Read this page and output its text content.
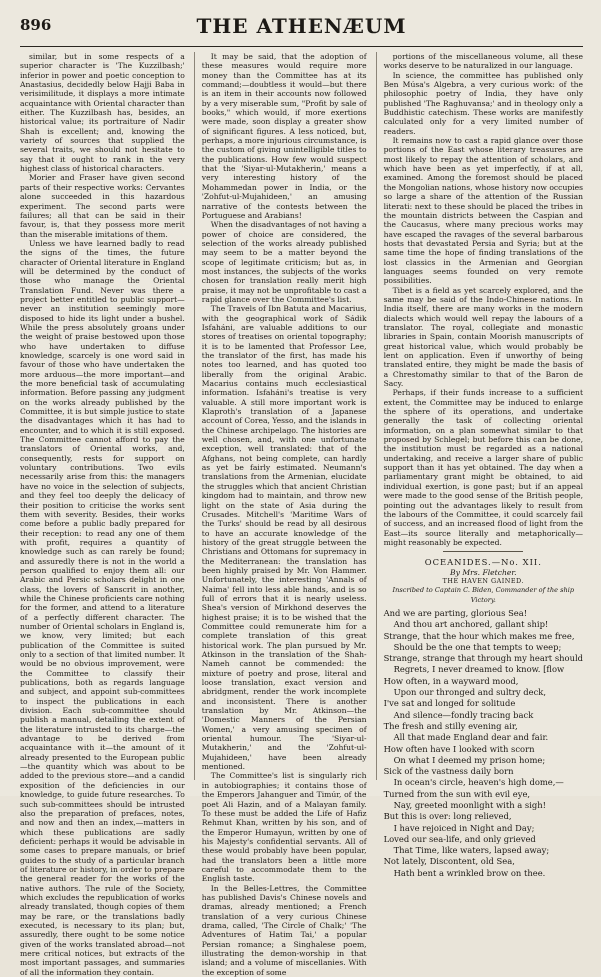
896	THE ATHENÆUM

similar, but in some respects of a superior character is 'The Kuzzilbash;' inferior in power and poetic conception to Anastasius, decidedly below Hajji Baba in verisimilitude, it displays a more intimate acquaintance with Oriental character than either. The Kuzzilbash has, besides, an historical value; its portraiture of Nadir Shah is excellent; and, knowing the variety of sources that supplied the several traits, we should not hesitate to say that it ought to rank in the very highest class of historical characters.

Morier and Fraser have given second parts of their respective works: Cervantes alone succeeded in this hazardous experiment. The second parts were failures; all that can be said in their favour, is, that they possess more merit than the miserable imitations of them.

Unless we have learned badly to read the signs of the times, the future character of Oriental literature in England will be determined by the conduct of those who manage the Oriental Translation Fund. Never was there a project better entitled to public support—never an institution seemingly more disposed to hide its light under a bushel. While the press absolutely groans under the weight of praise bestowed upon those who have undertaken to diffuse knowledge, scarcely is one word said in favour of those who have undertaken the more arduous—the more important—and the more beneficial task of accumulating information. Before passing any judgment on the works already published by the Committee, it is but simple justice to state the disadvantages which it has had to encounter, and to which it is still exposed. The Committee cannot afford to pay the translators of Oriental works, and, consequently, rests for support on voluntary contributions. Two evils necessarily arise from this: the managers have no voice in the selection of subjects, and they feel too deeply the delicacy of their position to criticise the works sent them with severity. Besides, their works come before a public badly prepared for their reception: to read any one of them with profit, requires a quantity of knowledge such as can rarely be found; and assuredly there is not in the world a person qualified to enjoy them all: our Arabic and Persic scholars delight in one class, the lovers of Sanscrit in another, while the Chinese proficients care nothing for the former, and attend to a literature of a perfectly different character. The number of Oriental scholars in England is, we know, very limited; but each publication of the Committee is suited only to a section of that limited number. It would be no obvious improvement, were the Committee to classify their publications, both as regards language and subject, and appoint sub-committees to inspect the publications in each division. Each sub-committee should publish a manual, detailing the extent of the literature intrusted to its charge—the advantage to be derived from acquaintance with it—the amount of it already presented to the European public—the quantity which was about to be added to the previous store—and a candid exposition of the deficiencies in our knowledge, to guide future researches. To such sub-committees should be intrusted also the preparation of prefaces, notes, and now and then an index,—matters in which these publications are sadly deficient: perhaps it would be advisable in some cases to prepare manuals, or brief guides to the study of a particular branch of literature or history, in order to prepare the general reader for the works of the native authors. The rule of the Society, which excludes the republication of works already translated, though copies of them may be rare, or the translations badly executed, is necessary to its plan; but, assuredly, there ought to be some notice given of the works translated abroad—not mere critical notices, but extracts of the most important passages, and summaries of all the information they contain.

It may be said, that the adoption of these measures would require more money than the Committee has at its command;—doubtless it would—but there is an item in their accounts now followed by a very miserable sum, "Profit by sale of books," which would, if more exertions were made, soon display a greater show of significant figures. A less noticed, but, perhaps, a more injurious circumstance, is the custom of giving unintelligible titles to the publications. How few would suspect that the 'Siyar-ul-Mutakherin,' means a very interesting history of the Mohammedan power in India, or the 'Zohfut-ul-Mujahideen,' an amusing narrative of the contests between the Portuguese and Arabians!

When the disadvantages of not having a power of choice are considered, the selection of the works already published may seem to be a matter beyond the scope of legitimate criticism; but as, in most instances, the subjects of the works chosen for translation really merit high praise, it may not be unprofitable to cast a rapid glance over the Committee's list.

The Travels of Ibn Batuta and Macarius, with the geographical work of Sádik Isfaháni, are valuable additions to our stores of treatises on oriental topography; it is to be lamented that Professor Lee, the translator of the first, has made his notes too learned, and has quoted too liberally from the original Arabic. Macarius contains much ecclesiastical information. Isfaháni's treatise is very valuable. A still more important work is Klaproth's translation of a Japanese account of Corea, Yesso, and the islands in the Chinese archipelago. The histories are well chosen, and, with one unfortunate exception, well translated: that of the Afghans, not being complete, can hardly as yet be fairly estimated. Neumann's translations from the Armenian, elucidate the struggles which that ancient Christian kingdom had to maintain, and throw new light on the state of Asia during the Crusades. Mitchell's 'Maritime Wars of the Turks' should be read by all desirous to have an accurate knowledge of the history of the great struggle between the Christians and Ottomans for supremacy in the Mediterranean: the translation has been highly praised by Mr. Von Hammer. Unfortunately, the interesting 'Annals of Naima' fell into less able hands, and is so full of errors that it is nearly useless. Shea's version of Mirkhond deserves the highest praise; it is to be wished that the Committee could remunerate him for a complete translation of this great historical work. The plan pursued by Mr. Atkinson in the translation of the Shah-Nameh cannot be commended: the mixture of poetry and prose, literal and loose translation, exact version and abridgment, render the work incomplete and inconsistent. There is another translation by Mr. Atkinson—the 'Domestic Manners of the Persian Women,' a very amusing specimen of oriental humour. The 'Siyar-ul-Mutakherin,' and the 'Zohfut-ul-Mujahideen,' have been already mentioned.

The Committee's list is singularly rich in autobiographies; it contains those of the Emperors Jahanguer and Timúr, of the poet Ali Hazin, and of a Malayan family. To these must be added the Life of Hafiz Rehmut Khan, written by his son, and of the Emperor Humayun, written by one of his Majesty's confidential servants. All of these would probably have been popular, had the translators been a little more careful to accommodate them to the English taste.

In the Belles-Lettres, the Committee has published Davis's Chinese novels and dramas, already mentioned; a French translation of a very curious Chinese drama, called, 'The Circle of Chalk;' 'The Adventures of Hatim Tai,' a popular Persian romance; a Singhalese poem, illustrating the demon-worship in that island; and a volume of miscellanies. With the exception of some

portions of the miscellaneous volume, all these works deserve to be naturalized in our language.

In science, the committee has published only Ben Músa's Algebra, a very curious work: of the philosophic poetry of India, they have only published 'The Raghuvansa;' and in theology only a Buddhistic catechism. These works are manifestly calculated only for a very limited number of readers.

It remains now to cast a rapid glance over those portions of the East whose literary treasures are most likely to repay the attention of scholars, and which have been as yet imperfectly, if at all, examined. Among the foremost should be placed the Mongolian nations, whose history now occupies so large a share of the attention of the Russian literati: next to these should be placed the tribes in the mountain districts between the Caspian and the Caucasus, where many precious works may have escaped the ravages of the several barbarous hosts that devastated Persia and Syria; but at the same time the hope of finding translations of the lost classics in the Armenian and Georgian languages seems founded on very remote possibilities.

Tibet is a field as yet scarcely explored, and the same may be said of the Indo-Chinese nations. In India itself, there are many works in the modern dialects which would well repay the labours of a translator. The royal, collegiate and monastic libraries in Spain, contain Moorish manuscripts of great historical value, which would probably be lent on application. Even if unworthy of being translated entire, they might be made the basis of a Chrestomathy similar to that of the Baron de Sacy.

Perhaps, if their funds increase to a sufficient extent, the Committee may be induced to enlarge the sphere of its operations, and undertake generally the task of collecting oriental information, on a plan somewhat similar to that proposed by Schlegel; but before this can be done, the institution must be regarded as a national undertaking, and receive a larger share of public support than it has yet obtained. The day when a parliamentary grant might be obtained, to aid individual exertion, is gone past; but if an appeal were made to the good sense of the British people, pointing out the advantages likely to result from the labours of the Committee, it could scarcely fail of success, and an increased flood of light from the East—its source literally and metaphorically—might reasonably be expected.

OCEANIDES.—No. XII.
By Mrs. Fletcher.
THE HAVEN GAINED.
Inscribed to Captain C. Biden, Commander of the ship Victory.
And we are parting, glorious Sea!
And thou art anchored, gallant ship!
Strange, that the hour which makes me free,
Should be the one that tempts to weep;
Strange, strange that through my heart should
Regrets, I never dreamed to know. [flow
How often, in a wayward mood,
Upon our thronged and sultry deck,
I've sat and longed for solitude
And silence—fondly tracing back
The fresh and stilly evening air,
All that made England dear and fair.
How often have I looked with scorn
On what I deemed my prison home;
Sick of the vastness daily born
In ocean's circle, heaven's high dome,—
Turned from the sun with evil eye,
Nay, greeted moonlight with a sigh!
But this is over: long relieved,
I have rejoiced in Night and Day;
Loved our sea-life, and only grieved
That Time, like waters, lapsed away;
Not lately, Discontent, old Sea,
Hath bent a wrinkled brow on thee.
